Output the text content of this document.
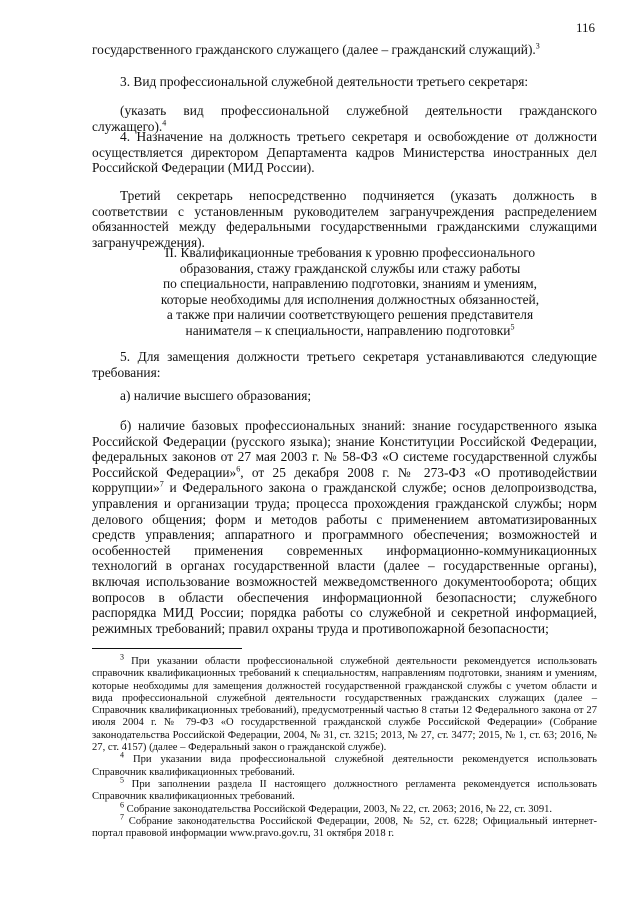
116
государственного гражданского служащего (далее – гражданский служащий).$^3$
3. Вид профессиональной служебной деятельности третьего секретаря:
(указать вид профессиональной служебной деятельности гражданского служащего).$^4$
4. Назначение на должность третьего секретаря и освобождение от должности осуществляется директором Департамента кадров Министерства иностранных дел Российской Федерации (МИД России).
Третий секретарь непосредственно подчиняется (указать должность в соответствии с установленным руководителем загранучреждения распределением обязанностей между федеральными государственными гражданскими служащими загранучреждения).
II. Квалификационные требования к уровню профессионального
образования, стажу гражданской службы или стажу работы
по специальности, направлению подготовки, знаниям и умениям,
которые необходимы для исполнения должностных обязанностей,
а также при наличии соответствующего решения представителя
нанимателя – к специальности, направлению подготовки$^5$
5. Для замещения должности третьего секретаря устанавливаются следующие требования:
а) наличие высшего образования;
б) наличие базовых профессиональных знаний: знание государственного языка Российской Федерации (русского языка); знание Конституции Российской Федерации, федеральных законов от 27 мая 2003 г. № 58-ФЗ «О системе государственной службы Российской Федерации»$^6$, от 25 декабря 2008 г. № 273-ФЗ «О противодействии коррупции»$^7$ и Федерального закона о гражданской службе; основ делопроизводства, управления и организации труда; процесса прохождения гражданской службы; норм делового общения; форм и методов работы с применением автоматизированных средств управления; аппаратного и программного обеспечения; возможностей и особенностей применения современных информационно-коммуникационных технологий в органах государственной власти (далее – государственные органы), включая использование возможностей межведомственного документооборота; общих вопросов в области обеспечения информационной безопасности; служебного распорядка МИД России; порядка работы со служебной и секретной информацией, режимных требований; правил охраны труда и противопожарной безопасности;
$^3$ При указании области профессиональной служебной деятельности рекомендуется использовать справочник квалификационных требований к специальностям, направлениям подготовки, знаниям и умениям, которые необходимы для замещения должностей государственной гражданской службы с учетом области и вида профессиональной служебной деятельности государственных гражданских служащих (далее – Справочник квалификационных требований), предусмотренный частью 8 статьи 12 Федерального закона от 27 июля 2004 г. № 79-ФЗ «О государственной гражданской службе Российской Федерации» (Собрание законодательства Российской Федерации, 2004, № 31, ст. 3215; 2013, № 27, ст. 3477; 2015, № 1, ст. 63; 2016, № 27, ст. 4157) (далее – Федеральный закон о гражданской службе).
$^4$ При указании вида профессиональной служебной деятельности рекомендуется использовать Справочник квалификационных требований.
$^5$ При заполнении раздела II настоящего должностного регламента рекомендуется использовать Справочник квалификационных требований.
$^6$ Собрание законодательства Российской Федерации, 2003, № 22, ст. 2063; 2016, № 22, ст. 3091.
$^7$ Собрание законодательства Российской Федерации, 2008, № 52, ст. 6228; Официальный интернет-портал правовой информации www.pravo.gov.ru, 31 октября 2018 г.
